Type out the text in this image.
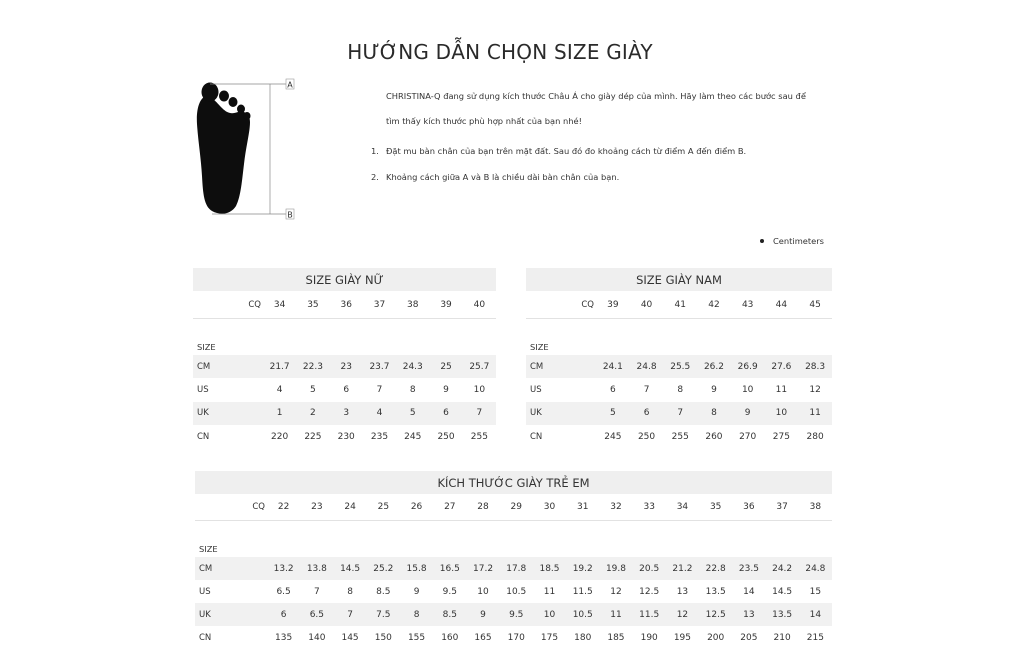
HƯỚNG DẪN CHỌN SIZE GIÀY
A
B
CHRISTINA-Q đang sử dụng kích thước Châu Á cho giày dép của mình. Hãy làm theo các bước sau để
tìm thấy kích thước phù hợp nhất của bạn nhé!
1. Đặt mu bàn chân của bạn trên mặt đất. Sau đó đo khoảng cách từ điểm A đến điểm B.
2. Khoảng cách giữa A và B là chiều dài bàn chân của bạn.
Centimeters
SIZE GIÀY NỮ								
	CQ	34	35	36	37	38	39	40
SIZE								
CM		21.7	22.3	23	23.7	24.3	25	25.7
US		4	5	6	7	8	9	10
UK		1	2	3	4	5	6	7
CN		220	225	230	235	245	250	255
SIZE GIÀY NAM								
	CQ	39	40	41	42	43	44	45
SIZE								
CM		24.1	24.8	25.5	26.2	26.9	27.6	28.3
US		6	7	8	9	10	11	12
UK		5	6	7	8	9	10	11
CN		245	250	255	260	270	275	280
KÍCH THƯỚC GIÀY TRẺ EM																		
	CQ	22	23	24	25	26	27	28	29	30	31	32	33	34	35	36	37	38
SIZE																		
CM		13.2	13.8	14.5	25.2	15.8	16.5	17.2	17.8	18.5	19.2	19.8	20.5	21.2	22.8	23.5	24.2	24.8
US		6.5	7	8	8.5	9	9.5	10	10.5	11	11.5	12	12.5	13	13.5	14	14.5	15
UK		6	6.5	7	7.5	8	8.5	9	9.5	10	10.5	11	11.5	12	12.5	13	13.5	14
CN		135	140	145	150	155	160	165	170	175	180	185	190	195	200	205	210	215
